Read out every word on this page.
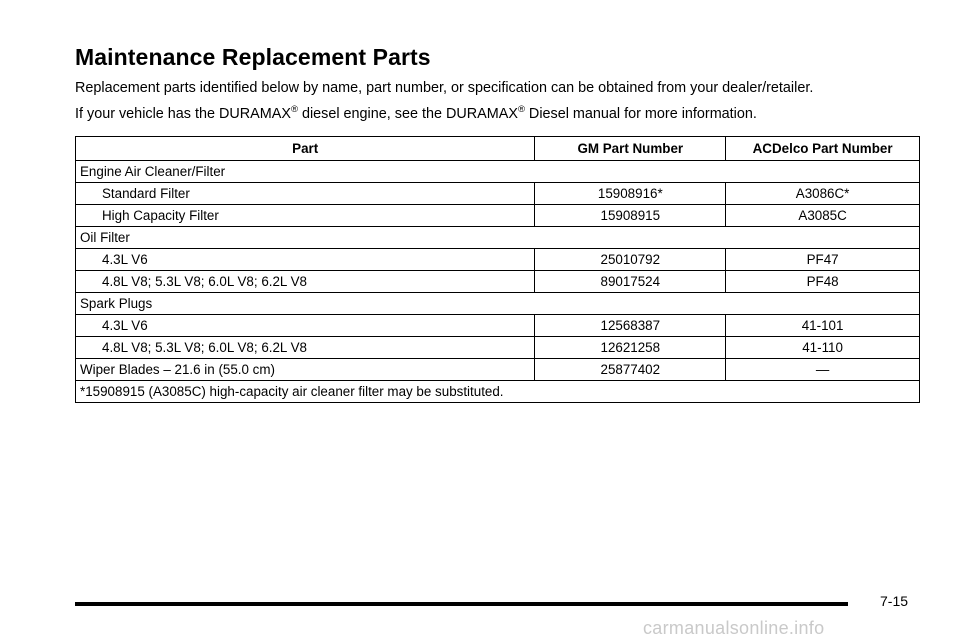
Maintenance Replacement Parts

Replacement parts identified below by name, part number, or specification can be obtained from your dealer/retailer.

If your vehicle has the DURAMAX® diesel engine, see the DURAMAX® Diesel manual for more information.

Part	GM Part Number	ACDelco Part Number
Engine Air Cleaner/Filter		
Standard Filter	15908916*	A3086C*
High Capacity Filter	15908915	A3085C
Oil Filter		
4.3L V6	25010792	PF47
4.8L V8; 5.3L V8; 6.0L V8; 6.2L V8	89017524	PF48
Spark Plugs		
4.3L V6	12568387	41-101
4.8L V8; 5.3L V8; 6.0L V8; 6.2L V8	12621258	41-110
Wiper Blades – 21.6 in (55.0 cm)	25877402	—
*15908915 (A3085C) high-capacity air cleaner filter may be substituted.		
7-15
carmanualsonline.info
